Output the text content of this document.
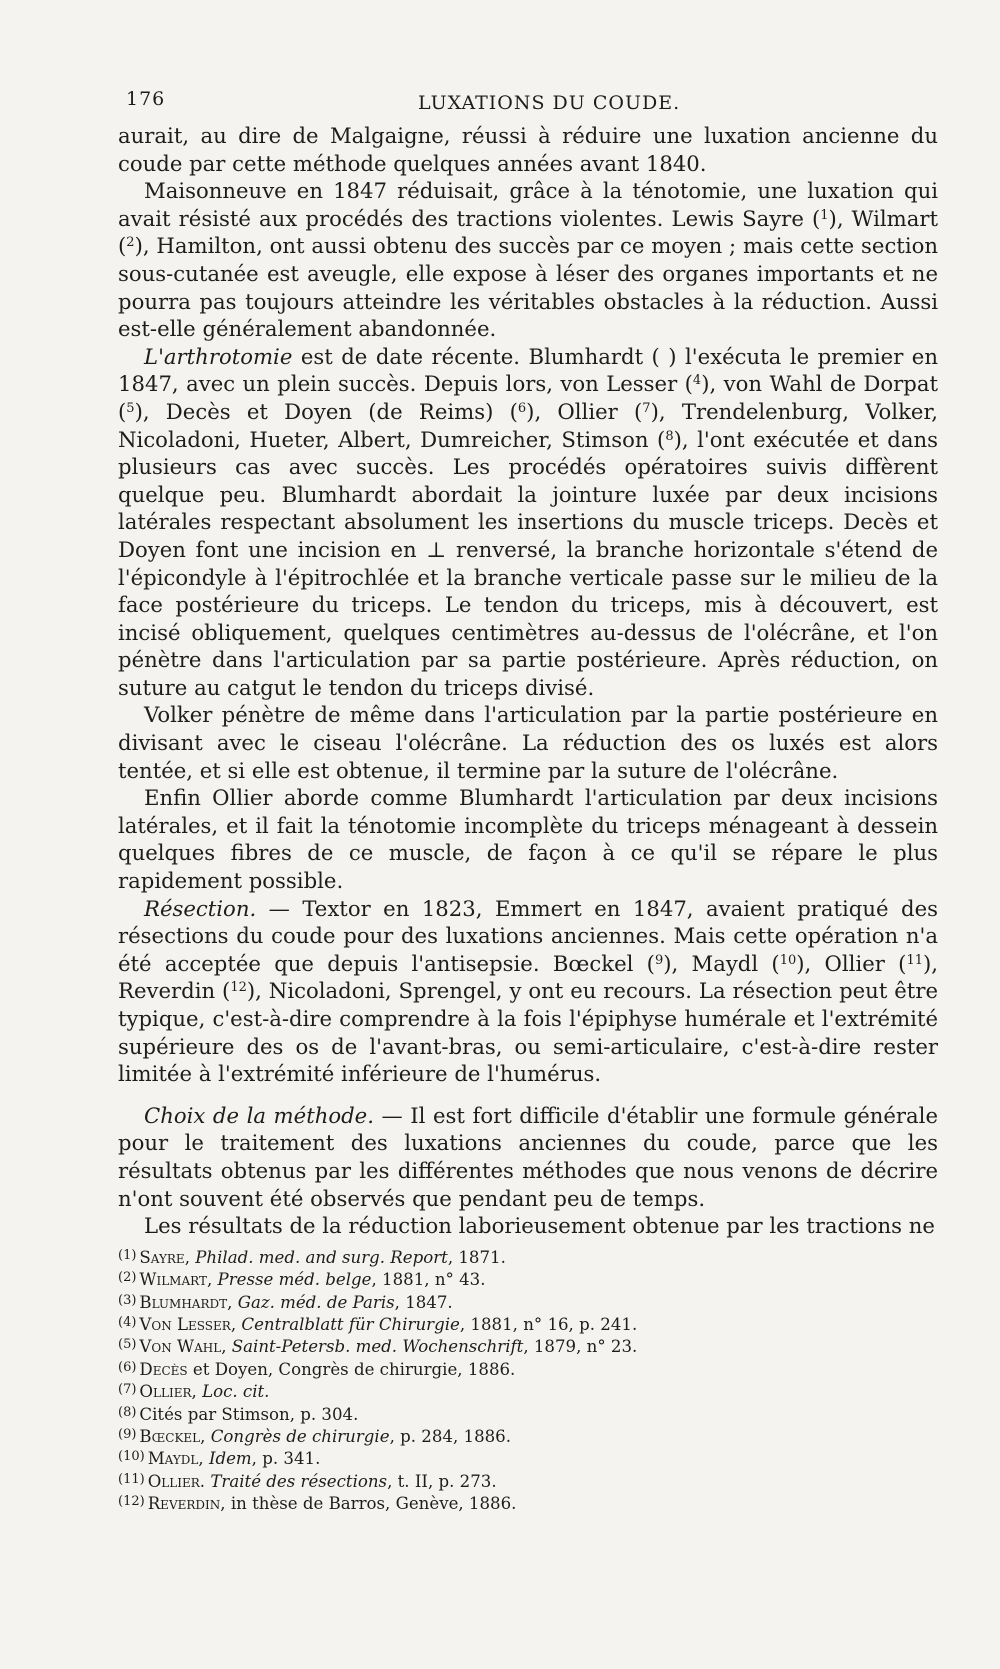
176	LUXATIONS DU COUDE.

aurait, au dire de Malgaigne, réussi à réduire une luxation ancienne du coude par cette méthode quelques années avant 1840.

Maisonneuve en 1847 réduisait, grâce à la ténotomie, une luxation qui avait résisté aux procédés des tractions violentes. Lewis Sayre ($^1$), Wilmart ($^2$), Hamilton, ont aussi obtenu des succès par ce moyen ; mais cette section sous-cutanée est aveugle, elle expose à léser des organes importants et ne pourra pas toujours atteindre les véritables obstacles à la réduction. Aussi est-elle généralement abandonnée.

L'arthrotomie est de date récente. Blumhardt ( ) l'exécuta le premier en 1847, avec un plein succès. Depuis lors, von Lesser ($^4$), von Wahl de Dorpat ($^5$), Decès et Doyen (de Reims) ($^6$), Ollier ($^7$), Trendelenburg, Volker, Nicoladoni, Hueter, Albert, Dumreicher, Stimson ($^8$), l'ont exécutée et dans plusieurs cas avec succès. Les procédés opératoires suivis diffèrent quelque peu. Blumhardt abordait la jointure luxée par deux incisions latérales respectant absolument les insertions du muscle triceps. Decès et Doyen font une incision en ⊥ renversé, la branche horizontale s'étend de l'épicondyle à l'épitrochlée et la branche verticale passe sur le milieu de la face postérieure du triceps. Le tendon du triceps, mis à découvert, est incisé obliquement, quelques centimètres au-dessus de l'olécrâne, et l'on pénètre dans l'articulation par sa partie postérieure. Après réduction, on suture au catgut le tendon du triceps divisé.

Volker pénètre de même dans l'articulation par la partie postérieure en divisant avec le ciseau l'olécrâne. La réduction des os luxés est alors tentée, et si elle est obtenue, il termine par la suture de l'olécrâne.

Enfin Ollier aborde comme Blumhardt l'articulation par deux incisions latérales, et il fait la ténotomie incomplète du triceps ménageant à dessein quelques fibres de ce muscle, de façon à ce qu'il se répare le plus rapidement possible.

Résection. — Textor en 1823, Emmert en 1847, avaient pratiqué des résections du coude pour des luxations anciennes. Mais cette opération n'a été acceptée que depuis l'antisepsie. Bœckel ($^9$), Maydl ($^{10}$), Ollier ($^{11}$), Reverdin ($^{12}$), Nicoladoni, Sprengel, y ont eu recours. La résection peut être typique, c'est-à-dire comprendre à la fois l'épiphyse humérale et l'extrémité supérieure des os de l'avant-bras, ou semi-articulaire, c'est-à-dire rester limitée à l'extrémité inférieure de l'humérus.

Choix de la méthode. — Il est fort difficile d'établir une formule générale pour le traitement des luxations anciennes du coude, parce que les résultats obtenus par les différentes méthodes que nous venons de décrire n'ont souvent été observés que pendant peu de temps.

Les résultats de la réduction laborieusement obtenue par les tractions ne

$^{(1)}$ Sayre, Philad. med. and surg. Report, 1871.
$^{(2)}$ Wilmart, Presse méd. belge, 1881, n° 43.
$^{(3)}$ Blumhardt, Gaz. méd. de Paris, 1847.
$^{(4)}$ Von Lesser, Centralblatt für Chirurgie, 1881, n° 16, p. 241.
$^{(5)}$ Von Wahl, Saint-Petersb. med. Wochenschrift, 1879, n° 23.
$^{(6)}$ Decès et Doyen, Congrès de chirurgie, 1886.
$^{(7)}$ Ollier, Loc. cit.
$^{(8)}$ Cités par Stimson, p. 304.
$^{(9)}$ Bœckel, Congrès de chirurgie, p. 284, 1886.
$^{(10)}$ Maydl, Idem, p. 341.
$^{(11)}$ Ollier. Traité des résections, t. II, p. 273.
$^{(12)}$ Reverdin, in thèse de Barros, Genève, 1886.
